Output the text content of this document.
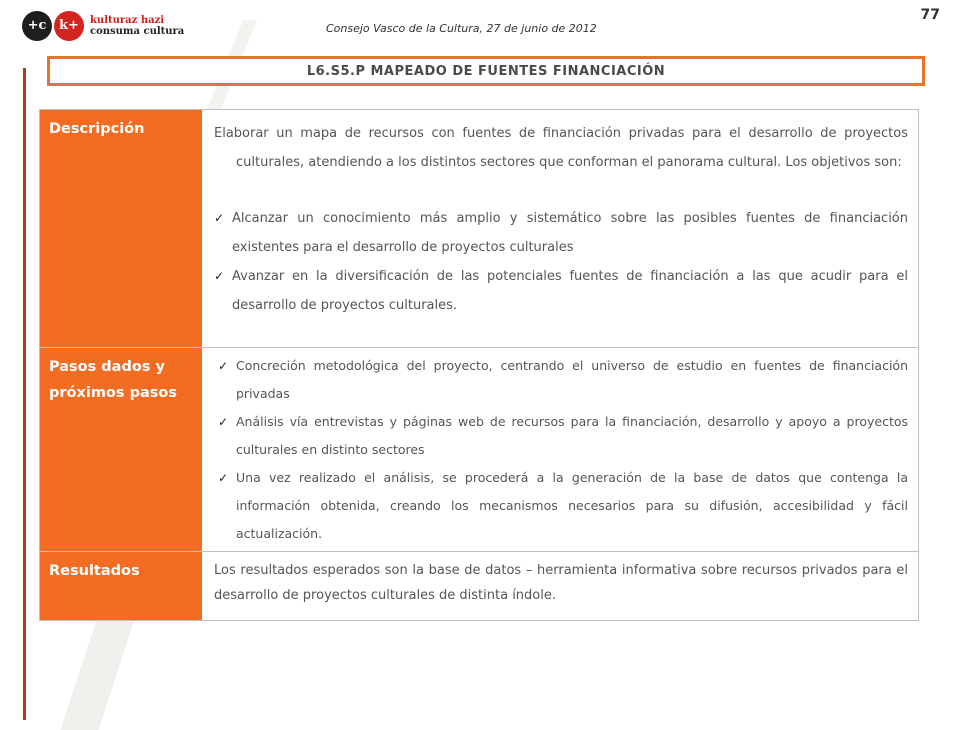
+c k+	kulturaz hazi
consuma cultura	Consejo Vasco de la Cultura, 27 de junio de 2012
77
L6.S5.P MAPEADO DE FUENTES FINANCIACIÓN
Descripción	Elaborar un mapa de recursos con fuentes de financiación privadas para el desarrollo de proyectos culturales, atendiendo a los distintos sectores que conforman el panorama cultural. Los objetivos son:

✓ Alcanzar un conocimiento más amplio y sistemático sobre las posibles fuentes de financiación existentes para el desarrollo de proyectos culturales
✓ Avanzar en la diversificación de las potenciales fuentes de financiación a las que acudir para el desarrollo de proyectos culturales.
Pasos dados y próximos pasos
✓ Concreción metodológica del proyecto, centrando el universo de estudio en fuentes de financiación privadas
✓ Análisis vía entrevistas y páginas web de recursos para la financiación, desarrollo y apoyo a proyectos culturales en distinto sectores
✓ Una vez realizado el análisis, se procederá a la generación de la base de datos que contenga la información obtenida, creando los mecanismos necesarios para su difusión, accesibilidad y fácil actualización.
Resultados	Los resultados esperados son la base de datos – herramienta informativa sobre recursos privados para el desarrollo de proyectos culturales de distinta índole.
